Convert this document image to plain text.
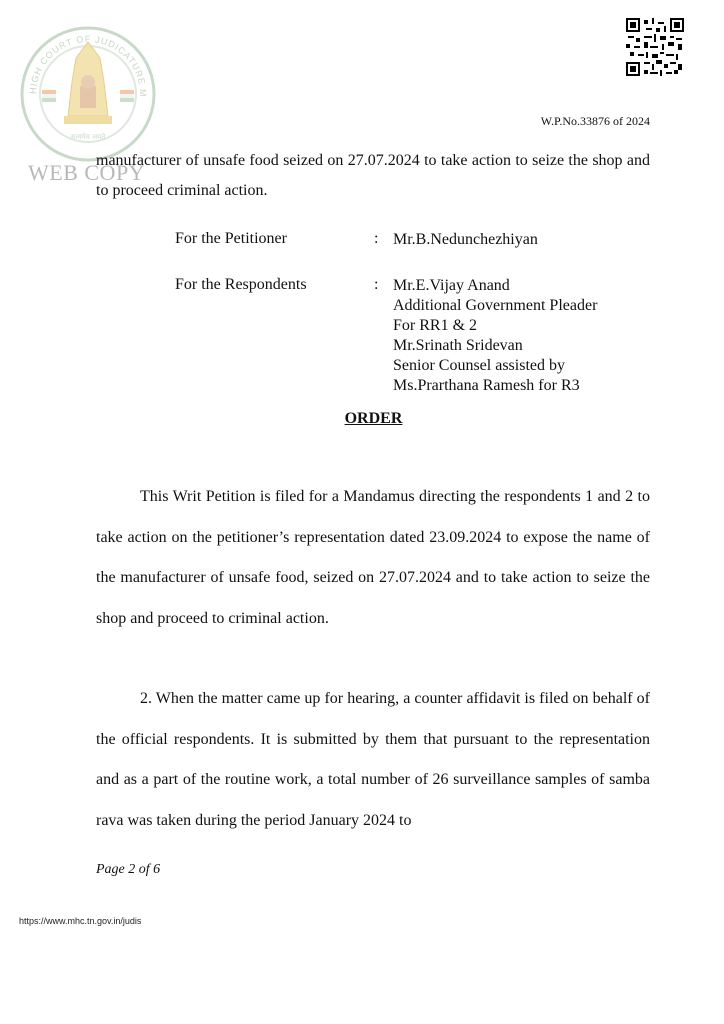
HIGH COURT OF JUDICATURE M
सत्यमेव जयते
WEB COPY
W.P.No.33876 of 2024
manufacturer of unsafe food seized on 27.07.2024 to take action to seize the shop and to proceed criminal action.
For the Petitioner	: Mr.B.Nedunchezhiyan
For the Respondents	: Mr.E.Vijay Anand
Additional Government Pleader
For RR1 & 2
Mr.Srinath Sridevan
Senior Counsel assisted by
Ms.Prarthana Ramesh for R3
ORDER
This Writ Petition is filed for a Mandamus directing the respondents 1 and 2 to take action on the petitioner’s representation dated 23.09.2024 to expose the name of the manufacturer of unsafe food, seized on 27.07.2024 and to take action to seize the shop and proceed to criminal action.
2. When the matter came up for hearing, a counter affidavit is filed on behalf of the official respondents. It is submitted by them that pursuant to the representation and as a part of the routine work, a total number of 26 surveillance samples of samba rava was taken during the period January 2024 to
Page 2 of 6
https://www.mhc.tn.gov.in/judis
